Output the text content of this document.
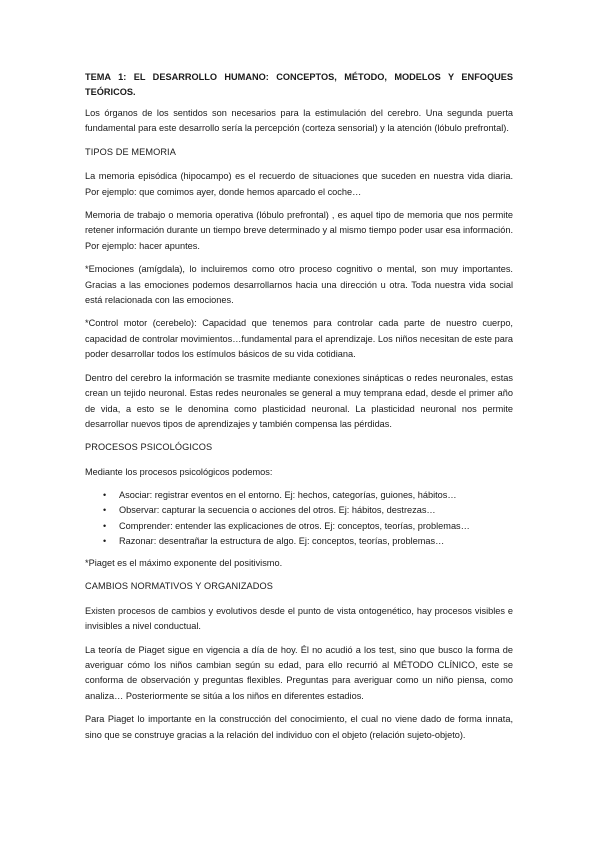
TEMA 1: EL DESARROLLO HUMANO: CONCEPTOS, MÉTODO, MODELOS Y ENFOQUES TEÓRICOS.

Los órganos de los sentidos son necesarios para la estimulación del cerebro. Una segunda puerta fundamental para este desarrollo sería la percepción (corteza sensorial) y la atención (lóbulo prefrontal).

TIPOS DE MEMORIA

La memoria episódica (hipocampo) es el recuerdo de situaciones que suceden en nuestra vida diaria. Por ejemplo: que comimos ayer, donde hemos aparcado el coche…

Memoria de trabajo o memoria operativa (lóbulo prefrontal) , es aquel tipo de memoria que nos permite retener información durante un tiempo breve determinado y al mismo tiempo poder usar esa información. Por ejemplo: hacer apuntes.

*Emociones (amígdala), lo incluiremos como otro proceso cognitivo o mental, son muy importantes. Gracias a las emociones podemos desarrollarnos hacia una dirección u otra. Toda nuestra vida social está relacionada con las emociones.

*Control motor (cerebelo): Capacidad que tenemos para controlar cada parte de nuestro cuerpo, capacidad de controlar movimientos…fundamental para el aprendizaje. Los niños necesitan de este para poder desarrollar todos los estímulos básicos de su vida cotidiana.

Dentro del cerebro la información se trasmite mediante conexiones sinápticas o redes neuronales, estas crean un tejido neuronal. Estas redes neuronales se general a muy temprana edad, desde el primer año de vida, a esto se le denomina como plasticidad neuronal. La plasticidad neuronal nos permite desarrollar nuevos tipos de aprendizajes y también compensa las pérdidas.

PROCESOS PSICOLÓGICOS

Mediante los procesos psicológicos podemos:

• Asociar: registrar eventos en el entorno. Ej: hechos, categorías, guiones, hábitos…
• Observar: capturar la secuencia o acciones del otros. Ej: hábitos, destrezas…
• Comprender: entender las explicaciones de otros. Ej: conceptos, teorías, problemas…
• Razonar: desentrañar la estructura de algo. Ej: conceptos, teorías, problemas…

*Piaget es el máximo exponente del positivismo.

CAMBIOS NORMATIVOS Y ORGANIZADOS

Existen procesos de cambios y evolutivos desde el punto de vista ontogenético, hay procesos visibles e invisibles a nivel conductual.

La teoría de Piaget sigue en vigencia a día de hoy. Él no acudió a los test, sino que busco la forma de averiguar cómo los niños cambian según su edad, para ello recurrió al MÉTODO CLÍNICO, este se conforma de observación y preguntas flexibles. Preguntas para averiguar como un niño piensa, como analiza… Posteriormente se sitúa a los niños en diferentes estadios.

Para Piaget lo importante en la construcción del conocimiento, el cual no viene dado de forma innata, sino que se construye gracias a la relación del individuo con el objeto (relación sujeto-objeto).
